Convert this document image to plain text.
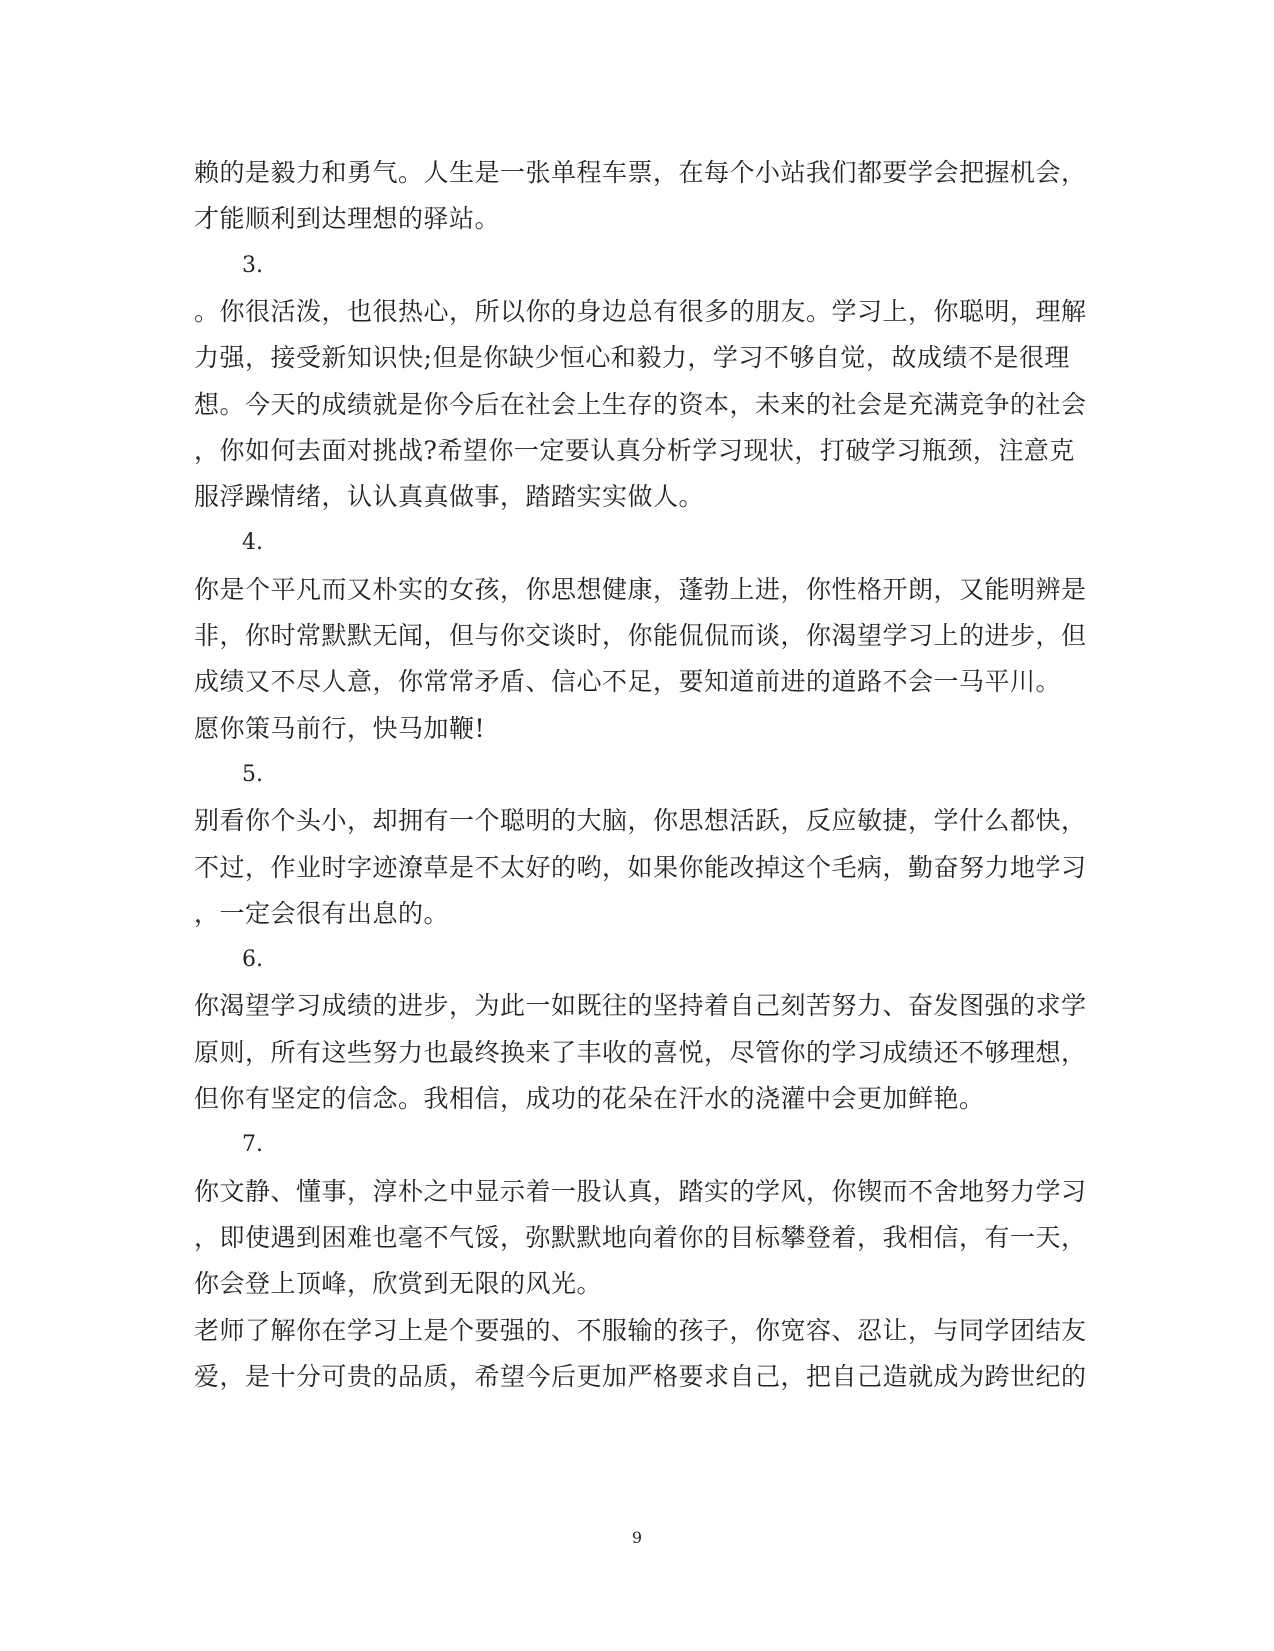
赖的是毅力和勇气。人生是一张单程车票，在每个小站我们都要学会把握机会，
才能顺利到达理想的驿站。
3.
。你很活泼，也很热心，所以你的身边总有很多的朋友。学习上，你聪明，理解
力强，接受新知识快;但是你缺少恒心和毅力，学习不够自觉，故成绩不是很理
想。今天的成绩就是你今后在社会上生存的资本，未来的社会是充满竞争的社会
，你如何去面对挑战?希望你一定要认真分析学习现状，打破学习瓶颈，注意克
服浮躁情绪，认认真真做事，踏踏实实做人。
4.
你是个平凡而又朴实的女孩，你思想健康，蓬勃上进，你性格开朗，又能明辨是
非，你时常默默无闻，但与你交谈时，你能侃侃而谈，你渴望学习上的进步，但
成绩又不尽人意，你常常矛盾、信心不足，要知道前进的道路不会一马平川。
愿你策马前行，快马加鞭!
5.
别看你个头小，却拥有一个聪明的大脑，你思想活跃，反应敏捷，学什么都快，
不过，作业时字迹潦草是不太好的哟，如果你能改掉这个毛病，勤奋努力地学习
，一定会很有出息的。
6.
你渴望学习成绩的进步，为此一如既往的坚持着自己刻苦努力、奋发图强的求学
原则，所有这些努力也最终换来了丰收的喜悦，尽管你的学习成绩还不够理想，
但你有坚定的信念。我相信，成功的花朵在汗水的浇灌中会更加鲜艳。
7.
你文静、懂事，淳朴之中显示着一股认真，踏实的学风，你锲而不舍地努力学习
，即使遇到困难也毫不气馁，弥默默地向着你的目标攀登着，我相信，有一天，
你会登上顶峰，欣赏到无限的风光。
老师了解你在学习上是个要强的、不服输的孩子，你宽容、忍让，与同学团结友
爱，是十分可贵的品质，希望今后更加严格要求自己，把自己造就成为跨世纪的
9
